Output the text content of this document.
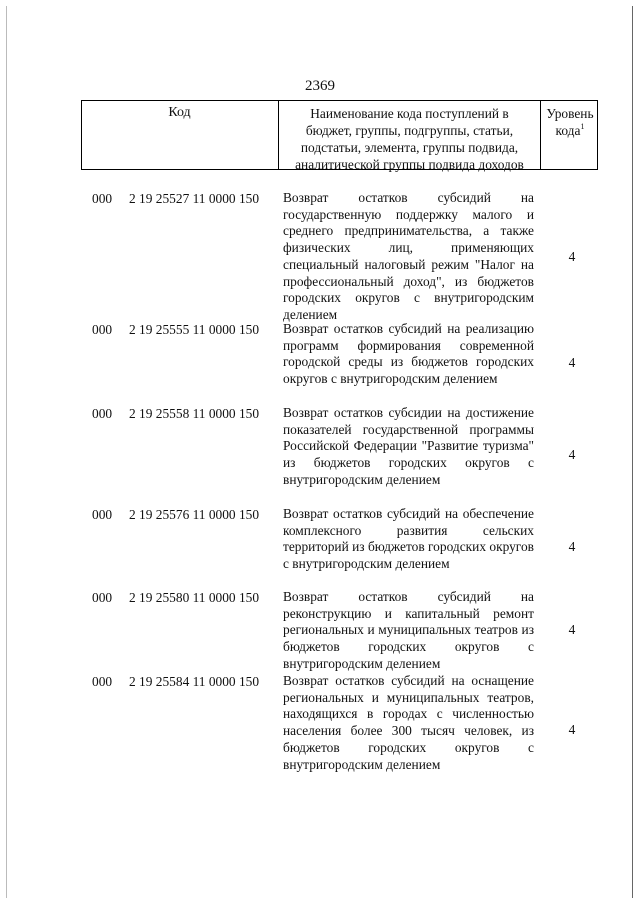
2369
Код	Наименование кода поступлений в
бюджет, группы, подгруппы, статьи,
подстатьи, элемента, группы подвида,
аналитической группы подвида доходов
Уровень
кода$^1$
000 2 19 25527 11 0000 150 Возврат остатков субсидий на государственную поддержку малого и среднего предпринимательства, а также физических лиц, применяющих специальный налоговый режим "Налог на профессиональный доход", из бюджетов городских округов с внутригородским делением
4
000 2 19 25555 11 0000 150 Возврат остатков субсидий на реализацию программ формирования современной городской среды из бюджетов городских округов с внутригородским делением
4
000 2 19 25558 11 0000 150 Возврат остатков субсидии на достижение показателей государственной программы Российской Федерации "Развитие туризма" из бюджетов городских округов с внутригородским делением
4
000 2 19 25576 11 0000 150 Возврат остатков субсидий на обеспечение комплексного развития сельских территорий из бюджетов городских округов с внутригородским делением
4
000 2 19 25580 11 0000 150 Возврат остатков субсидий на реконструкцию и капитальный ремонт региональных и муниципальных театров из бюджетов городских округов с внутригородским делением
4
000 2 19 25584 11 0000 150 Возврат остатков субсидий на оснащение региональных и муниципальных театров, находящихся в городах с численностью населения более 300 тысяч человек, из бюджетов городских округов с внутригородским делением
4
